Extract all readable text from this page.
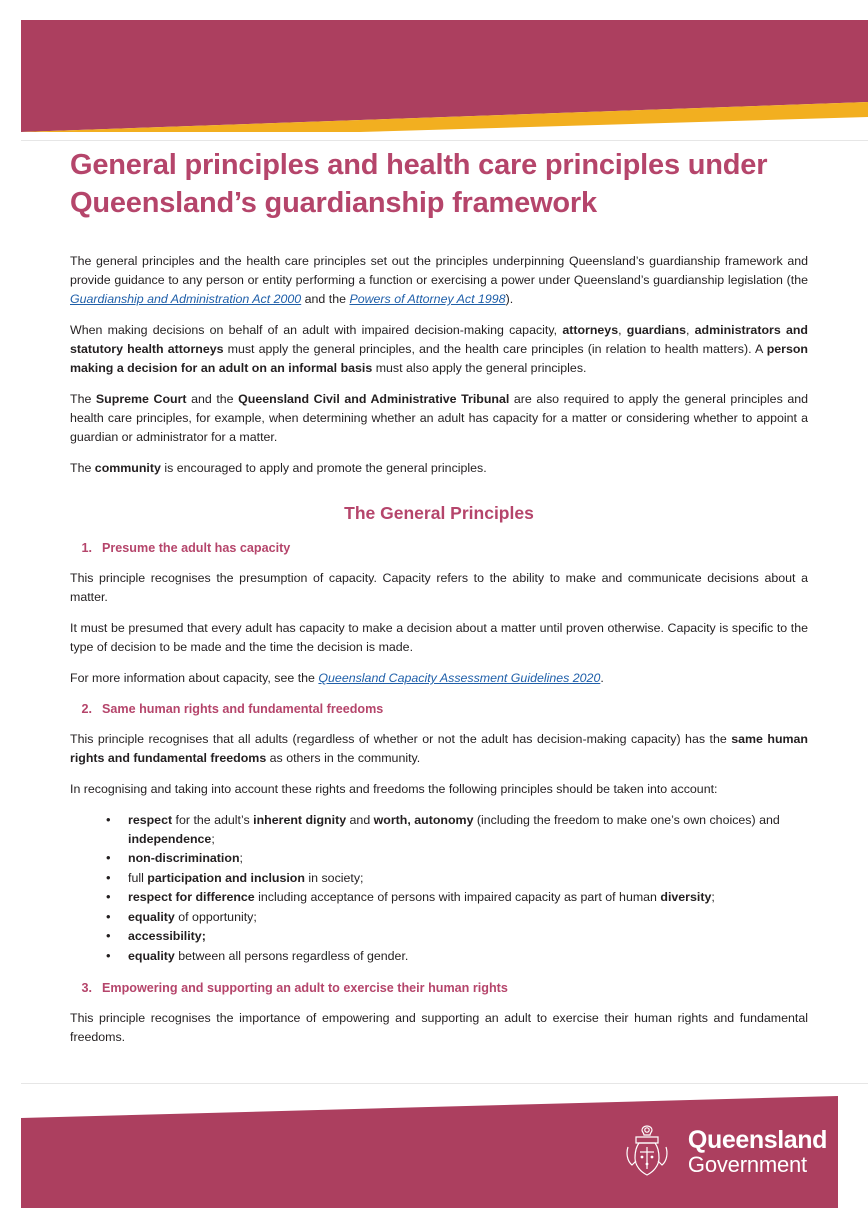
General principles and health care principles under Queensland’s guardianship framework

The general principles and the health care principles set out the principles underpinning Queensland’s guardianship framework and provide guidance to any person or entity performing a function or exercising a power under Queensland’s guardianship legislation (the Guardianship and Administration Act 2000 and the Powers of Attorney Act 1998).

When making decisions on behalf of an adult with impaired decision-making capacity, attorneys, guardians, administrators and statutory health attorneys must apply the general principles, and the health care principles (in relation to health matters). A person making a decision for an adult on an informal basis must also apply the general principles.

The Supreme Court and the Queensland Civil and Administrative Tribunal are also required to apply the general principles and health care principles, for example, when determining whether an adult has capacity for a matter or considering whether to appoint a guardian or administrator for a matter.

The community is encouraged to apply and promote the general principles.

The General Principles
1. Presume the adult has capacity

This principle recognises the presumption of capacity. Capacity refers to the ability to make and communicate decisions about a matter.

It must be presumed that every adult has capacity to make a decision about a matter until proven otherwise. Capacity is specific to the type of decision to be made and the time the decision is made.

For more information about capacity, see the Queensland Capacity Assessment Guidelines 2020.

2. Same human rights and fundamental freedoms

This principle recognises that all adults (regardless of whether or not the adult has decision-making capacity) has the same human rights and fundamental freedoms as others in the community.

In recognising and taking into account these rights and freedoms the following principles should be taken into account:

• respect for the adult’s inherent dignity and worth, autonomy (including the freedom to make one’s own choices) and independence;
• non-discrimination;
• full participation and inclusion in society;
• respect for difference including acceptance of persons with impaired capacity as part of human diversity;
• equality of opportunity;
• accessibility;
• equality between all persons regardless of gender.
3. Empowering and supporting an adult to exercise their human rights

This principle recognises the importance of empowering and supporting an adult to exercise their human rights and fundamental freedoms.

Queensland
Government
